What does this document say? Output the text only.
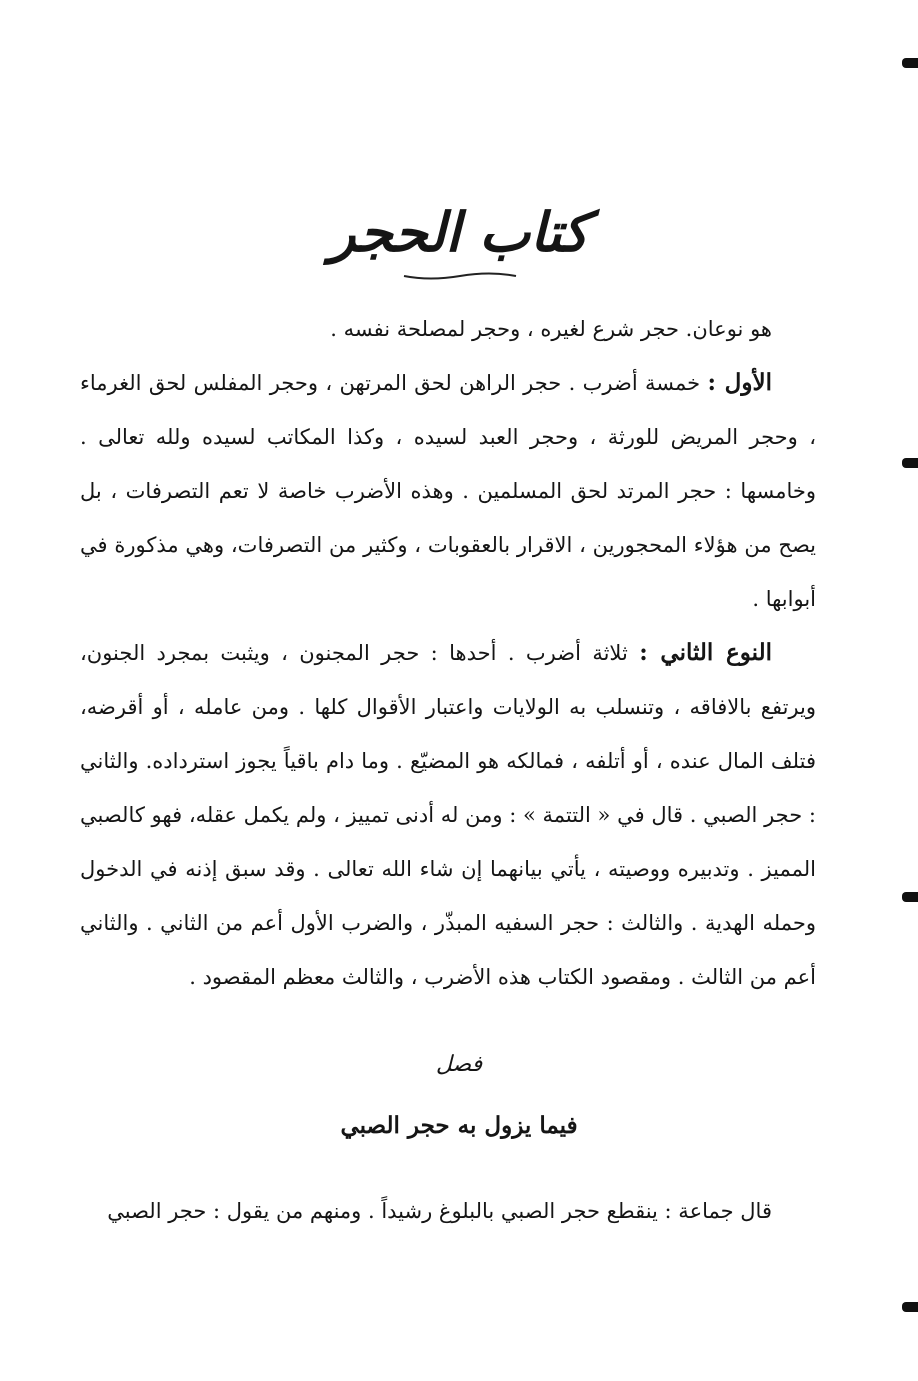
كتاب الحجر

هو نوعان. حجر شرع لغيره ، وحجر لمصلحة نفسه .

الأول : خمسة أضرب . حجر الراهن لحق المرتهن ، وحجر المفلس لحق الغرماء ، وحجر المريض للورثة ، وحجر العبد لسيده ، وكذا المكاتب لسيده ولله تعالى . وخامسها : حجر المرتد لحق المسلمين . وهذه الأضرب خاصة لا تعم التصرفات ، بل يصح من هؤلاء المحجورين ، الاقرار بالعقوبات ، وكثير من التصرفات، وهي مذكورة في أبوابها .

النوع الثاني : ثلاثة أضرب . أحدها : حجر المجنون ، ويثبت بمجرد الجنون، ويرتفع بالافاقه ، وتنسلب به الولايات واعتبار الأقوال كلها . ومن عامله ، أو أقرضه، فتلف المال عنده ، أو أتلفه ، فمالكه هو المضيّع . وما دام باقياً يجوز استرداده. والثاني : حجر الصبي . قال في « التتمة » : ومن له أدنى تمييز ، ولم يكمل عقله، فهو كالصبي المميز . وتدبيره ووصيته ، يأتي بيانهما إن شاء الله تعالى . وقد سبق إذنه في الدخول وحمله الهدية . والثالث : حجر السفيه المبذّر ، والضرب الأول أعم من الثاني . والثاني أعم من الثالث . ومقصود الكتاب هذه الأضرب ، والثالث معظم المقصود .

فصل
فيما يزول به حجر الصبي

قال جماعة : ينقطع حجر الصبي بالبلوغ رشيداً . ومنهم من يقول : حجر الصبي
